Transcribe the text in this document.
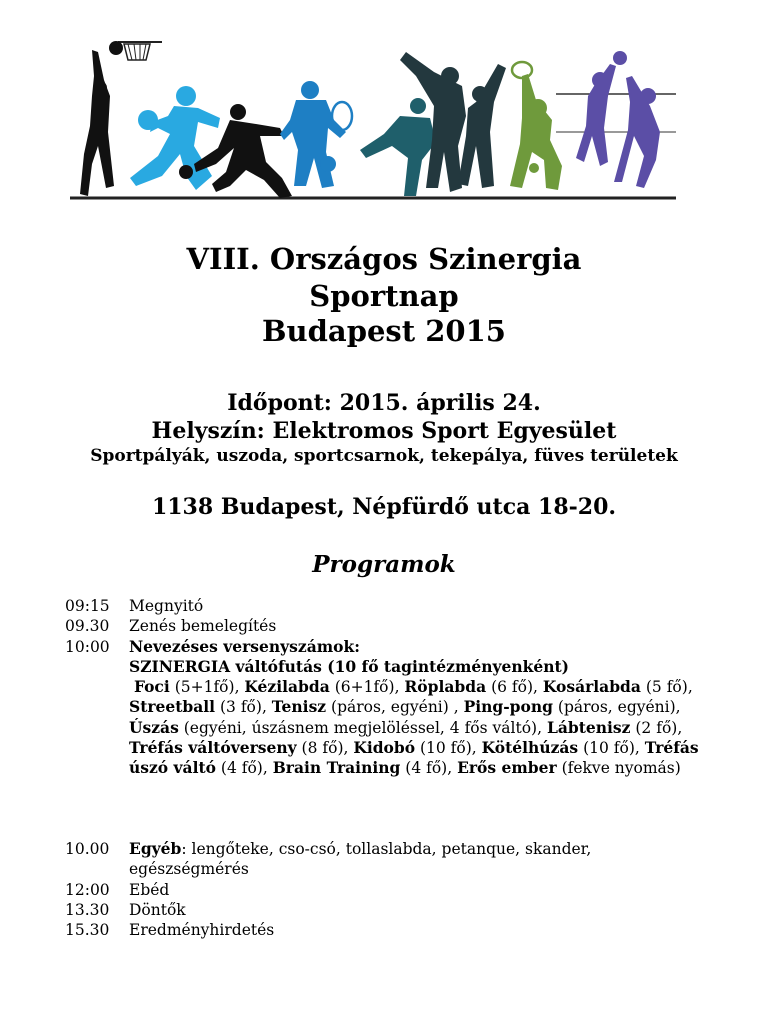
VIII. Országos Szinergia
Sportnap
Budapest 2015
Időpont: 2015. április 24.
Helyszín: Elektromos Sport Egyesület
Sportpályák, uszoda, sportcsarnok, tekepálya, füves területek
1138 Budapest, Népfürdő utca 18-20.
Programok
09:15	Megnyitó
09.30	Zenés bemelegítés
10:00	Nevezéses versenyszámok:
SZINERGIA váltófutás (10 fő tagintézményenként)
Foci (5+1fő), Kézilabda (6+1fő), Röplabda (6 fő), Kosárlabda (5 fő), Streetball (3 fő), Tenisz (páros, egyéni) , Ping-pong (páros, egyéni), Úszás (egyéni, úszásnem megjelöléssel, 4 fős váltó), Lábtenisz (2 fő), Tréfás váltóverseny (8 fő), Kidobó (10 fő), Kötélhúzás (10 fő), Tréfás úszó váltó (4 fő), Brain Training (4 fő), Erős ember (fekve nyomás)
10.00	Egyéb: lengőteke, cso-csó, tollaslabda, petanque, skander, egészségmérés
12:00	Ebéd
13.30	Döntők
15.30	Eredményhirdetés
